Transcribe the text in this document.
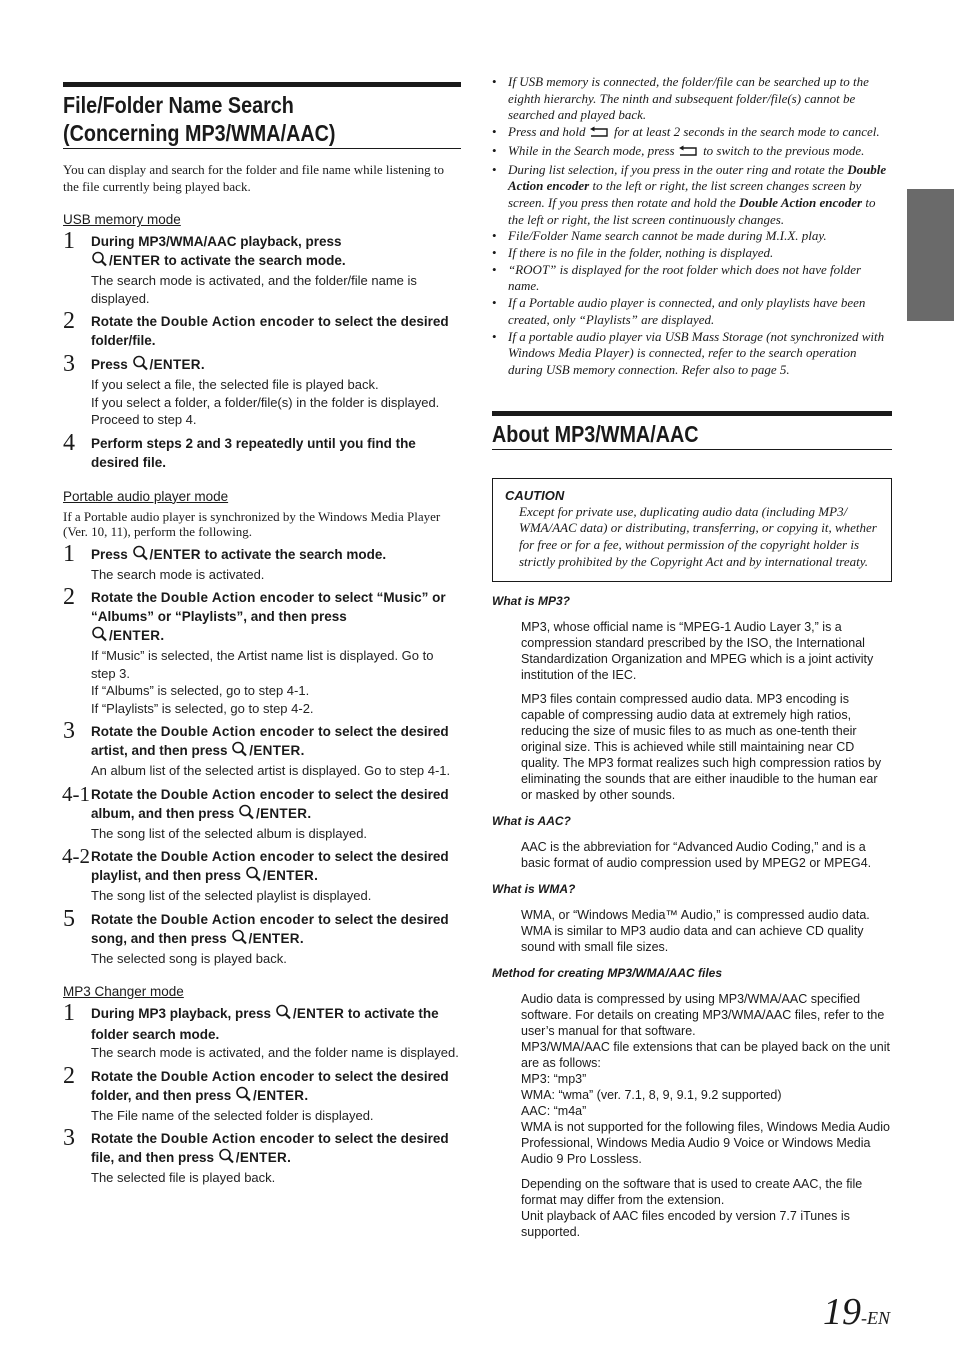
File/Folder Name Search
(Concerning MP3/WMA/AAC)

You can display and search for the folder and file name while listening to the file currently being played back.

USB memory mode
1 During MP3/WMA/AAC playback, press
/ENTER to activate the search mode.
The search mode is activated, and the folder/file name is displayed.
2 Rotate the Double Action encoder to select the desired folder/file.
3 Press /ENTER.
If you select a file, the selected file is played back.
If you select a folder, a folder/file(s) in the folder is displayed. Proceed to step 4.
4 Perform steps 2 and 3 repeatedly until you find the desired file.
Portable audio player mode
If a Portable audio player is synchronized by the Windows Media Player (Ver. 10, 11), perform the following.
1 Press /ENTER to activate the search mode.
The search mode is activated.
2 Rotate the Double Action encoder to select “Music” or “Albums” or “Playlists”, and then press
/ENTER.
If “Music” is selected, the Artist name list is displayed. Go to step 3.
If “Albums” is selected, go to step 4-1.
If “Playlists” is selected, go to step 4-2.
3 Rotate the Double Action encoder to select the desired artist, and then press /ENTER.
An album list of the selected artist is displayed. Go to step 4-1.
4-1 Rotate the Double Action encoder to select the desired album, and then press /ENTER.
The song list of the selected album is displayed.
4-2 Rotate the Double Action encoder to select the desired playlist, and then press /ENTER.
The song list of the selected playlist is displayed.
5 Rotate the Double Action encoder to select the desired song, and then press /ENTER.
The selected song is played back.
MP3 Changer mode
1 During MP3 playback, press /ENTER to activate the folder search mode.
The search mode is activated, and the folder name is displayed.
2 Rotate the Double Action encoder to select the desired folder, and then press /ENTER.
The File name of the selected folder is displayed.
3 Rotate the Double Action encoder to select the desired file, and then press /ENTER.
The selected file is played back.
• If USB memory is connected, the folder/file can be searched up to the eighth hierarchy. The ninth and subsequent folder/file(s) cannot be searched and played back.
• Press and hold  for at least 2 seconds in the search mode to cancel.
• While in the Search mode, press  to switch to the previous mode.
• During list selection, if you press in the outer ring and rotate the Double Action encoder to the left or right, the list screen changes screen by screen. If you press then rotate and hold the Double Action encoder to the left or right, the list screen continuously changes.
• File/Folder Name search cannot be made during M.I.X. play.
• If there is no file in the folder, nothing is displayed.
• “ROOT” is displayed for the root folder which does not have folder name.
• If a Portable audio player is connected, and only playlists have been created, only “Playlists” are displayed.
• If a portable audio player via USB Mass Storage (not synchronized with Windows Media Player) is connected, refer to the search operation during USB memory connection. Refer also to page 5.
About MP3/WMA/AAC
CAUTION
Except for private use, duplicating audio data (including MP3/ WMA/AAC data) or distributing, transferring, or copying it, whether for free or for a fee, without permission of the copyright holder is strictly prohibited by the Copyright Act and by international treaty.
What is MP3?

MP3, whose official name is “MPEG-1 Audio Layer 3,” is a compression standard prescribed by the ISO, the International Standardization Organization and MPEG which is a joint activity institution of the IEC.

MP3 files contain compressed audio data. MP3 encoding is capable of compressing audio data at extremely high ratios, reducing the size of music files to as much as one-tenth their original size. This is achieved while still maintaining near CD quality. The MP3 format realizes such high compression ratios by eliminating the sounds that are either inaudible to the human ear or masked by other sounds.

What is AAC?

AAC is the abbreviation for “Advanced Audio Coding,” and is a basic format of audio compression used by MPEG2 or MPEG4.

What is WMA?

WMA, or “Windows Media™ Audio,” is compressed audio data. WMA is similar to MP3 audio data and can achieve CD quality sound with small file sizes.

Method for creating MP3/WMA/AAC files

Audio data is compressed by using MP3/WMA/AAC specified software. For details on creating MP3/WMA/AAC files, refer to the user’s manual for that software.

MP3/WMA/AAC file extensions that can be played back on the unit are as follows:

MP3: “mp3”

WMA: “wma” (ver. 7.1, 8, 9, 9.1, 9.2 supported)

AAC: “m4a”

WMA is not supported for the following files, Windows Media Audio Professional, Windows Media Audio 9 Voice or Windows Media Audio 9 Pro Lossless.

Depending on the software that is used to create AAC, the file format may differ from the extension.

Unit playback of AAC files encoded by version 7.7 iTunes is supported.

19-EN
